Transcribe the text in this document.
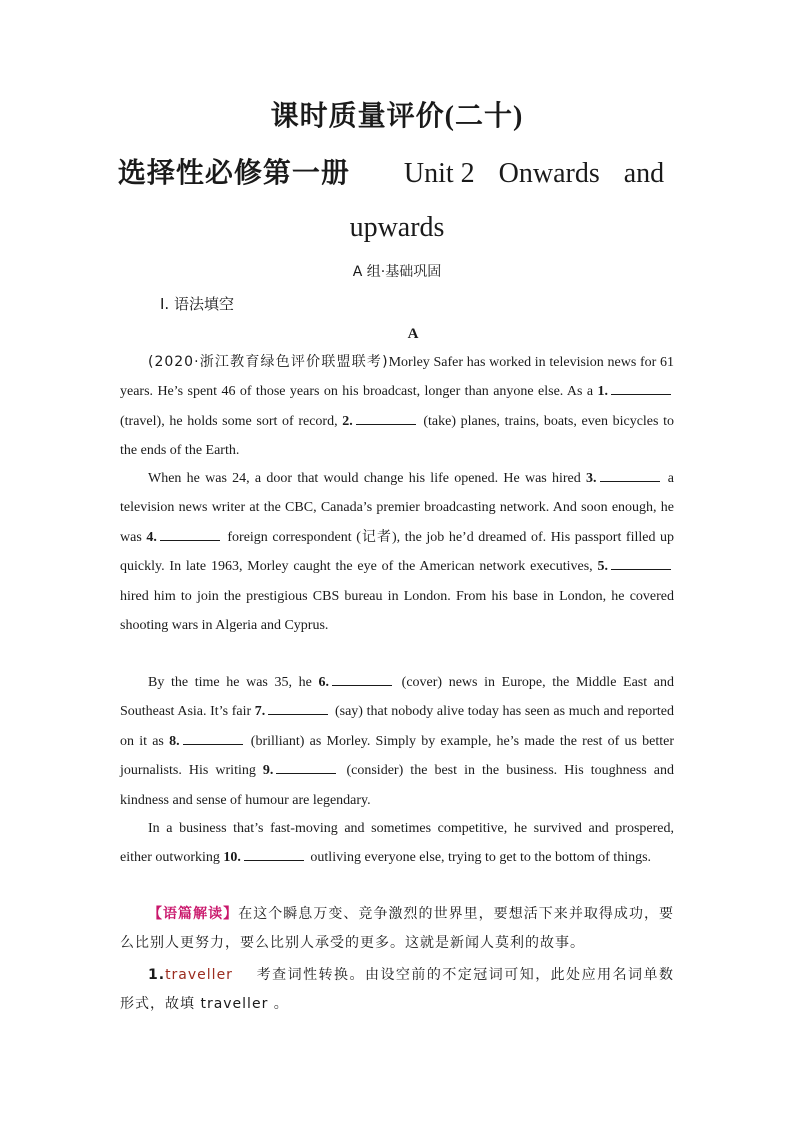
课时质量评价(二十)
选择性必修第一册 Unit 2 Onwards and
upwards
A 组·基础巩固
Ⅰ. 语法填空
A

(2020·浙江教育绿色评价联盟联考)Morley Safer has worked in television news for 61 years. He’s spent 46 of those years on his broadcast, longer than anyone else. As a 1. (travel), he holds some sort of record, 2.	(take) planes, trains, boats, even bicycles to the ends of the Earth.

When he was 24, a door that would change his life opened. He was hired 3.	a television news writer at the CBC, Canada’s premier broadcasting network. And soon enough, he was 4.	foreign correspondent (记者), the job he’d dreamed of. His passport filled up quickly. In late 1963, Morley caught the eye of the American network executives, 5. hired him to join the prestigious CBS bureau in London. From his base in London, he covered shooting wars in Algeria and Cyprus.

By the time he was 35, he 6.	(cover) news in Europe, the Middle East and Southeast Asia. It’s fair 7.	(say) that nobody alive today has seen as much and reported on it as 8.	(brilliant) as Morley. Simply by example, he’s made the rest of us better journalists. His writing 9.	(consider) the best in the business. His toughness and kindness and sense of humour are legendary.

In a business that’s fast-moving and sometimes competitive, he survived and prospered, either outworking 10.	outliving everyone else, trying to get to the bottom of things.

【语篇解读】在这个瞬息万变、竞争激烈的世界里，要想活下来并取得成功，要么比别人更努力，要么比别人承受的更多。这就是新闻人莫利的故事。

1.traveller 考查词性转换。由设空前的不定冠词可知，此处应用名词单数形式，故填 traveller 。
